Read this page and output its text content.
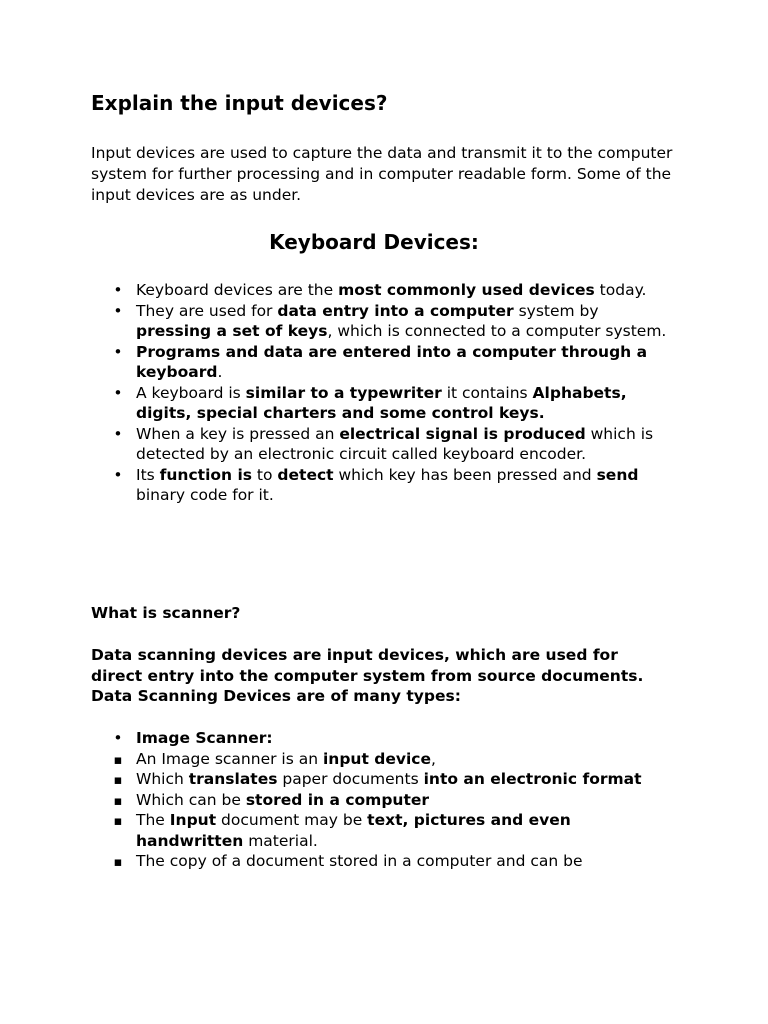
Explain the input devices?

Input devices are used to capture the data and transmit it to the computer system for further processing and in computer readable form. Some of the input devices are as under.

Keyboard Devices:
•
Keyboard devices are the most commonly used devices today.
•
They are used for data entry into a computer system by pressing a set of keys, which is connected to a computer system.
•
Programs and data are entered into a computer through a keyboard.
•
A keyboard is similar to a typewriter it contains Alphabets, digits, special charters and some control keys.
•
When a key is pressed an electrical signal is produced which is detected by an electronic circuit called keyboard encoder.
•
Its function is to detect which key has been pressed and send binary code for it.

What is scanner?

Data scanning devices are input devices, which are used for direct entry into the computer system from source documents. Data Scanning Devices are of many types:

•
Image Scanner:
▪
An Image scanner is an input device,
▪
Which translates paper documents into an electronic format
▪
Which can be stored in a computer
▪
The Input document may be text, pictures and even handwritten material.
▪
The copy of a document stored in a computer and can be
